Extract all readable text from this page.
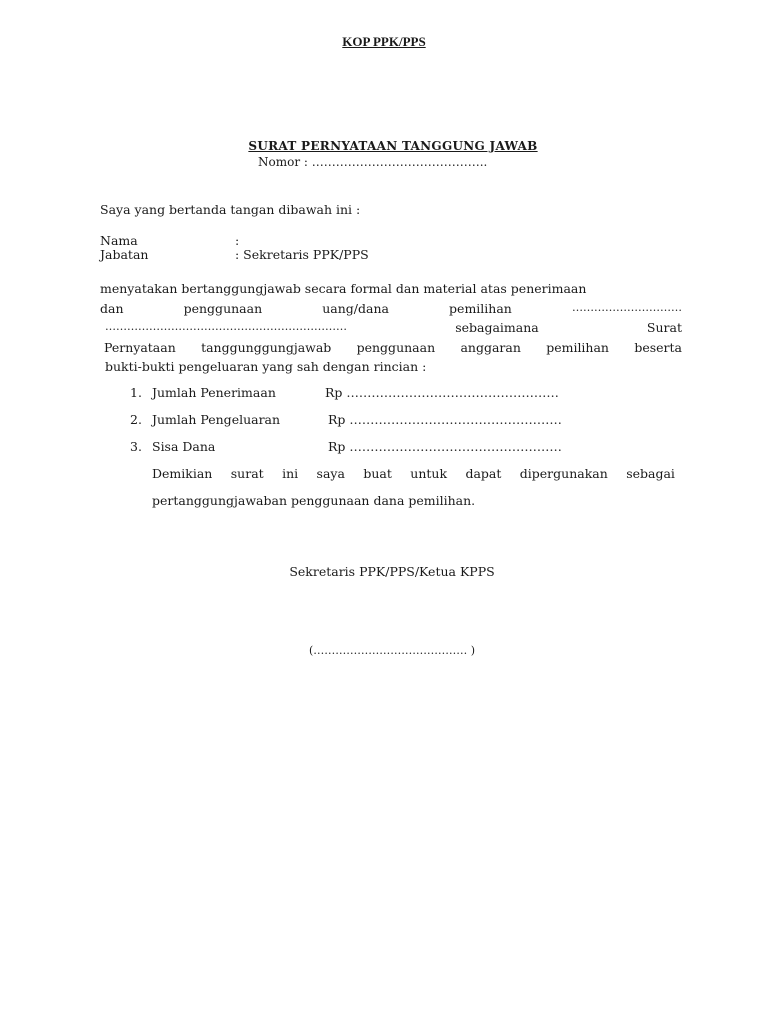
KOP PPK/PPS
SURAT PERNYATAAN TANGGUNG JAWAB
Nomor : ……………………………………..
Saya yang bertanda tangan dibawah ini :
Nama	:
Jabatan	: Sekretaris PPK/PPS
menyatakan bertanggungjawab secara formal dan material atas penerimaan
dan	penggunaan	uang/dana	pemilihan	…………………………
…………………………………………………………	sebagaimana	Surat
Pernyataan tanggunggungjawab penggunaan anggaran pemilihan beserta
bukti-bukti pengeluaran yang sah dengan rincian :
1. Jumlah Penerimaan	Rp ……………………………………………
2. Jumlah Pengeluaran	Rp ……………………………………………
3. Sisa Dana	Rp ……………………………………………
Demikian surat ini saya buat untuk dapat dipergunakan sebagai
pertanggungjawaban penggunaan dana pemilihan.
Sekretaris PPK/PPS/Ketua KPPS
(…………………………………… )
